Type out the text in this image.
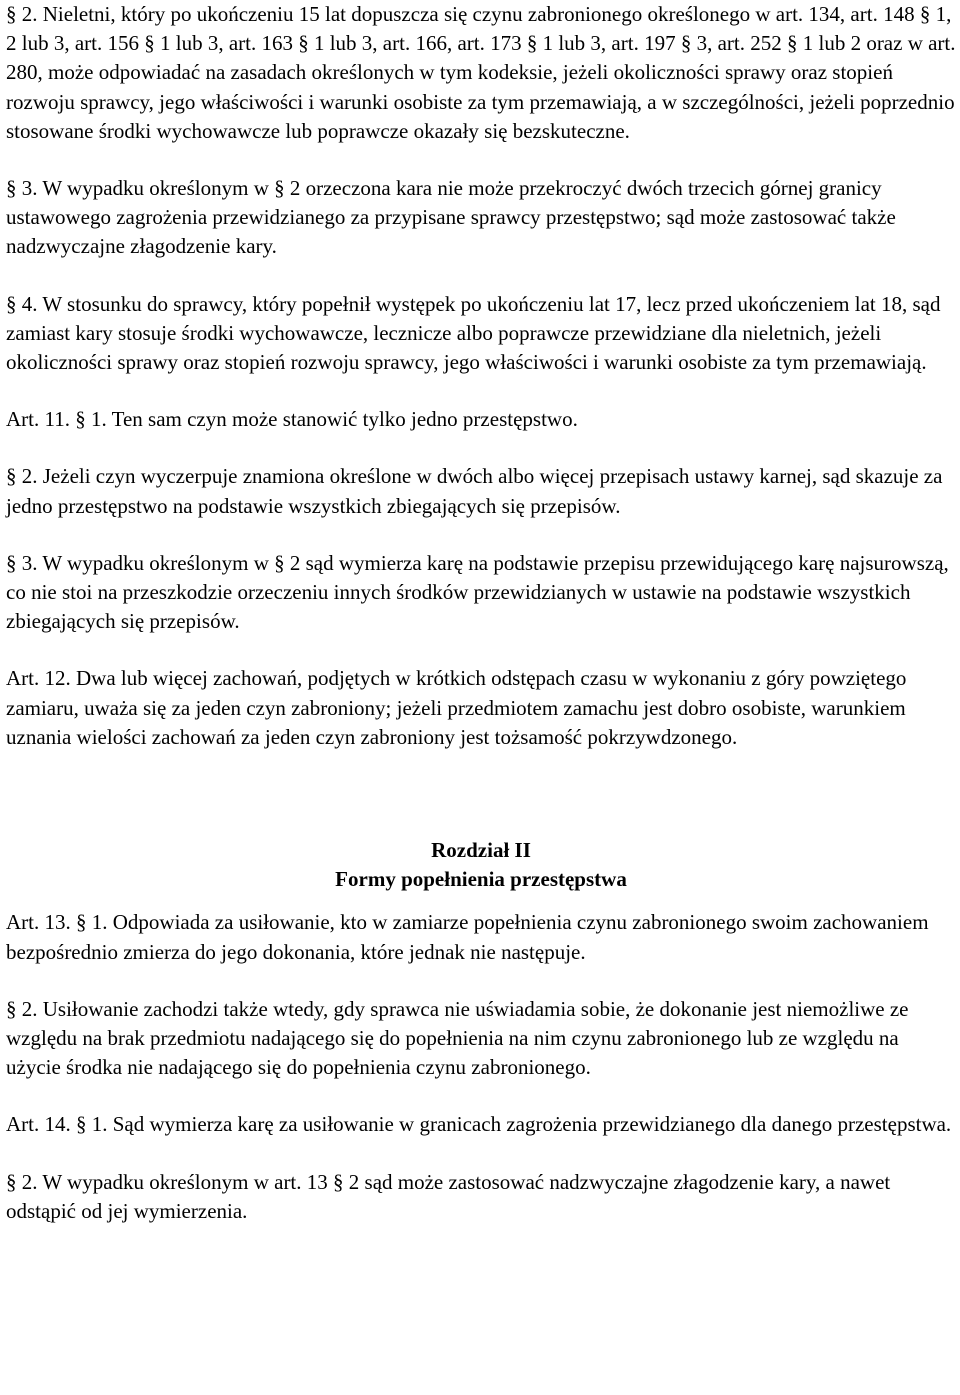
§ 2. Nieletni, który po ukończeniu 15 lat dopuszcza się czynu zabronionego określonego w art. 134, art. 148 § 1, 2 lub 3, art. 156 § 1 lub 3, art. 163 § 1 lub 3, art. 166, art. 173 § 1 lub 3, art. 197 § 3, art. 252 § 1 lub 2 oraz w art. 280, może odpowiadać na zasadach określonych w tym kodeksie, jeżeli okoliczności sprawy oraz stopień rozwoju sprawcy, jego właściwości i warunki osobiste za tym przemawiają, a w szczególności, jeżeli poprzednio stosowane środki wychowawcze lub poprawcze okazały się bezskuteczne.

§ 3. W wypadku określonym w § 2 orzeczona kara nie może przekroczyć dwóch trzecich górnej granicy ustawowego zagrożenia przewidzianego za przypisane sprawcy przestępstwo; sąd może zastosować także nadzwyczajne złagodzenie kary.

§ 4. W stosunku do sprawcy, który popełnił występek po ukończeniu lat 17, lecz przed ukończeniem lat 18, sąd zamiast kary stosuje środki wychowawcze, lecznicze albo poprawcze przewidziane dla nieletnich, jeżeli okoliczności sprawy oraz stopień rozwoju sprawcy, jego właściwości i warunki osobiste za tym przemawiają.

Art. 11. § 1. Ten sam czyn może stanowić tylko jedno przestępstwo.

§ 2. Jeżeli czyn wyczerpuje znamiona określone w dwóch albo więcej przepisach ustawy karnej, sąd skazuje za jedno przestępstwo na podstawie wszystkich zbiegających się przepisów.

§ 3. W wypadku określonym w § 2 sąd wymierza karę na podstawie przepisu przewidującego karę najsurowszą, co nie stoi na przeszkodzie orzeczeniu innych środków przewidzianych w ustawie na podstawie wszystkich zbiegających się przepisów.

Art. 12. Dwa lub więcej zachowań, podjętych w krótkich odstępach czasu w wykonaniu z góry powziętego zamiaru, uważa się za jeden czyn zabroniony; jeżeli przedmiotem zamachu jest dobro osobiste, warunkiem uznania wielości zachowań za jeden czyn zabroniony jest tożsamość pokrzywdzonego.

Rozdział II

Formy popełnienia przestępstwa

Art. 13. § 1. Odpowiada za usiłowanie, kto w zamiarze popełnienia czynu zabronionego swoim zachowaniem bezpośrednio zmierza do jego dokonania, które jednak nie następuje.

§ 2. Usiłowanie zachodzi także wtedy, gdy sprawca nie uświadamia sobie, że dokonanie jest niemożliwe ze względu na brak przedmiotu nadającego się do popełnienia na nim czynu zabronionego lub ze względu na użycie środka nie nadającego się do popełnienia czynu zabronionego.

Art. 14. § 1. Sąd wymierza karę za usiłowanie w granicach zagrożenia przewidzianego dla danego przestępstwa.

§ 2. W wypadku określonym w art. 13 § 2 sąd może zastosować nadzwyczajne złagodzenie kary, a nawet odstąpić od jej wymierzenia.
